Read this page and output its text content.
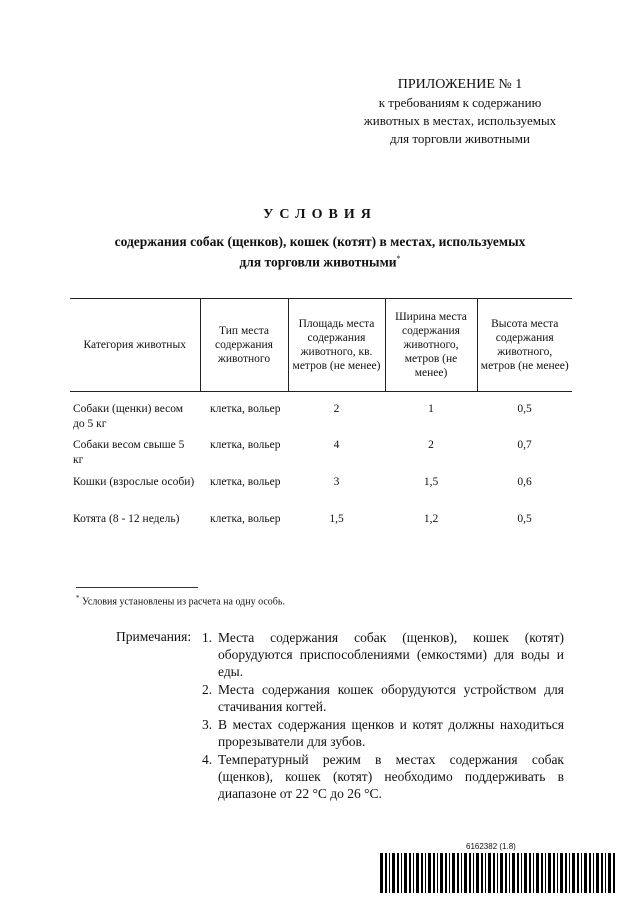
ПРИЛОЖЕНИЕ № 1
к требованиям к содержанию
животных в местах, используемых
для торговли животными
УСЛОВИЯ
содержания собак (щенков), кошек (котят) в местах, используемых
для торговли животными*
Категория животных	Тип места содержания животного	Площадь места содержания животного, кв. метров (не менее)	Ширина места содержания животного, метров (не менее)	Высота места содержания животного, метров (не менее)
Собаки (щенки) весом до 5 кг	клетка, вольер	2	1	0,5
Собаки весом свыше 5 кг	клетка, вольер	4	2	0,7
Кошки (взрослые особи)	клетка, вольер	3	1,5	0,6
Котята (8 - 12 недель)	клетка, вольер	1,5	1,2	0,5
* Условия установлены из расчета на одну особь.
Примечания: 1. Места содержания собак (щенков), кошек (котят) оборудуются приспособлениями (емкостями) для воды и еды.
2. Места содержания кошек оборудуются устройством для стачивания когтей.
3. В местах содержания щенков и котят должны находиться прорезыватели для зубов.
4. Температурный режим в местах содержания собак (щенков), кошек (котят) необходимо поддерживать в диапазоне от 22 °С до 26 °С.
6162382 (1.8)
